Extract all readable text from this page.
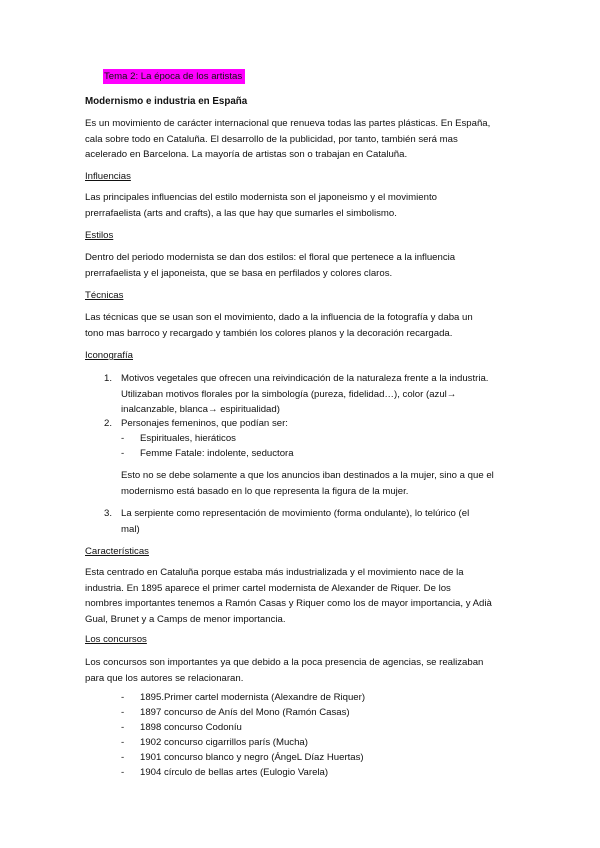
Tema 2: La época de los artistas
Modernismo e industria en España

Es un movimiento de carácter internacional que renueva todas las partes plásticas. En España,

cala sobre todo en Cataluña. El desarrollo de la publicidad, por tanto, también será mas

acelerado en Barcelona. La mayoría de artistas son o trabajan en Cataluña.

Influencias

Las principales influencias del estilo modernista son el japoneismo y el movimiento

prerrafaelista (arts and crafts), a las que hay que sumarles el simbolismo.

Estilos

Dentro del periodo modernista se dan dos estilos: el floral que pertenece a la influencia

prerrafaelista y el japoneista, que se basa en perfilados y colores claros.

Técnicas

Las técnicas que se usan son el movimiento, dado a la influencia de la fotografía y daba un

tono mas barroco y recargado y también los colores planos y la decoración recargada.

Iconografía
1. Motivos vegetales que ofrecen una reivindicación de la naturaleza frente a la industria.

Utilizaban motivos florales por la simbología (pureza, fidelidad…), color (azul→

inalcanzable, blanca→ espiritualidad)

2. Personajes femeninos, que podían ser:
-	Espirituales, hieráticos
-	Femme Fatale: indolente, seductora

Esto no se debe solamente a que los anuncios iban destinados a la mujer, sino a que el

modernismo está basado en lo que representa la figura de la mujer.

3. La serpiente como representación de movimiento (forma ondulante), lo telúrico (el

mal)

Características

Esta centrado en Cataluña porque estaba más industrializada y el movimiento nace de la

industria. En 1895 aparece el primer cartel modernista de Alexander de Riquer. De los

nombres importantes tenemos a Ramón Casas y Riquer como los de mayor importancia, y Adià

Gual, Brunet y a Camps de menor importancia.

Los concursos

Los concursos son importantes ya que debido a la poca presencia de agencias, se realizaban

para que los autores se relacionaran.

-	1895.Primer cartel modernista (Alexandre de Riquer)
-	1897 concurso de Anís del Mono (Ramón Casas)
-	1898 concurso Codoníu
-	1902 concurso cigarrillos parís (Mucha)
-	1901 concurso blanco y negro (ÁngeL Díaz Huertas)
-	1904 círculo de bellas artes (Eulogio Varela)
